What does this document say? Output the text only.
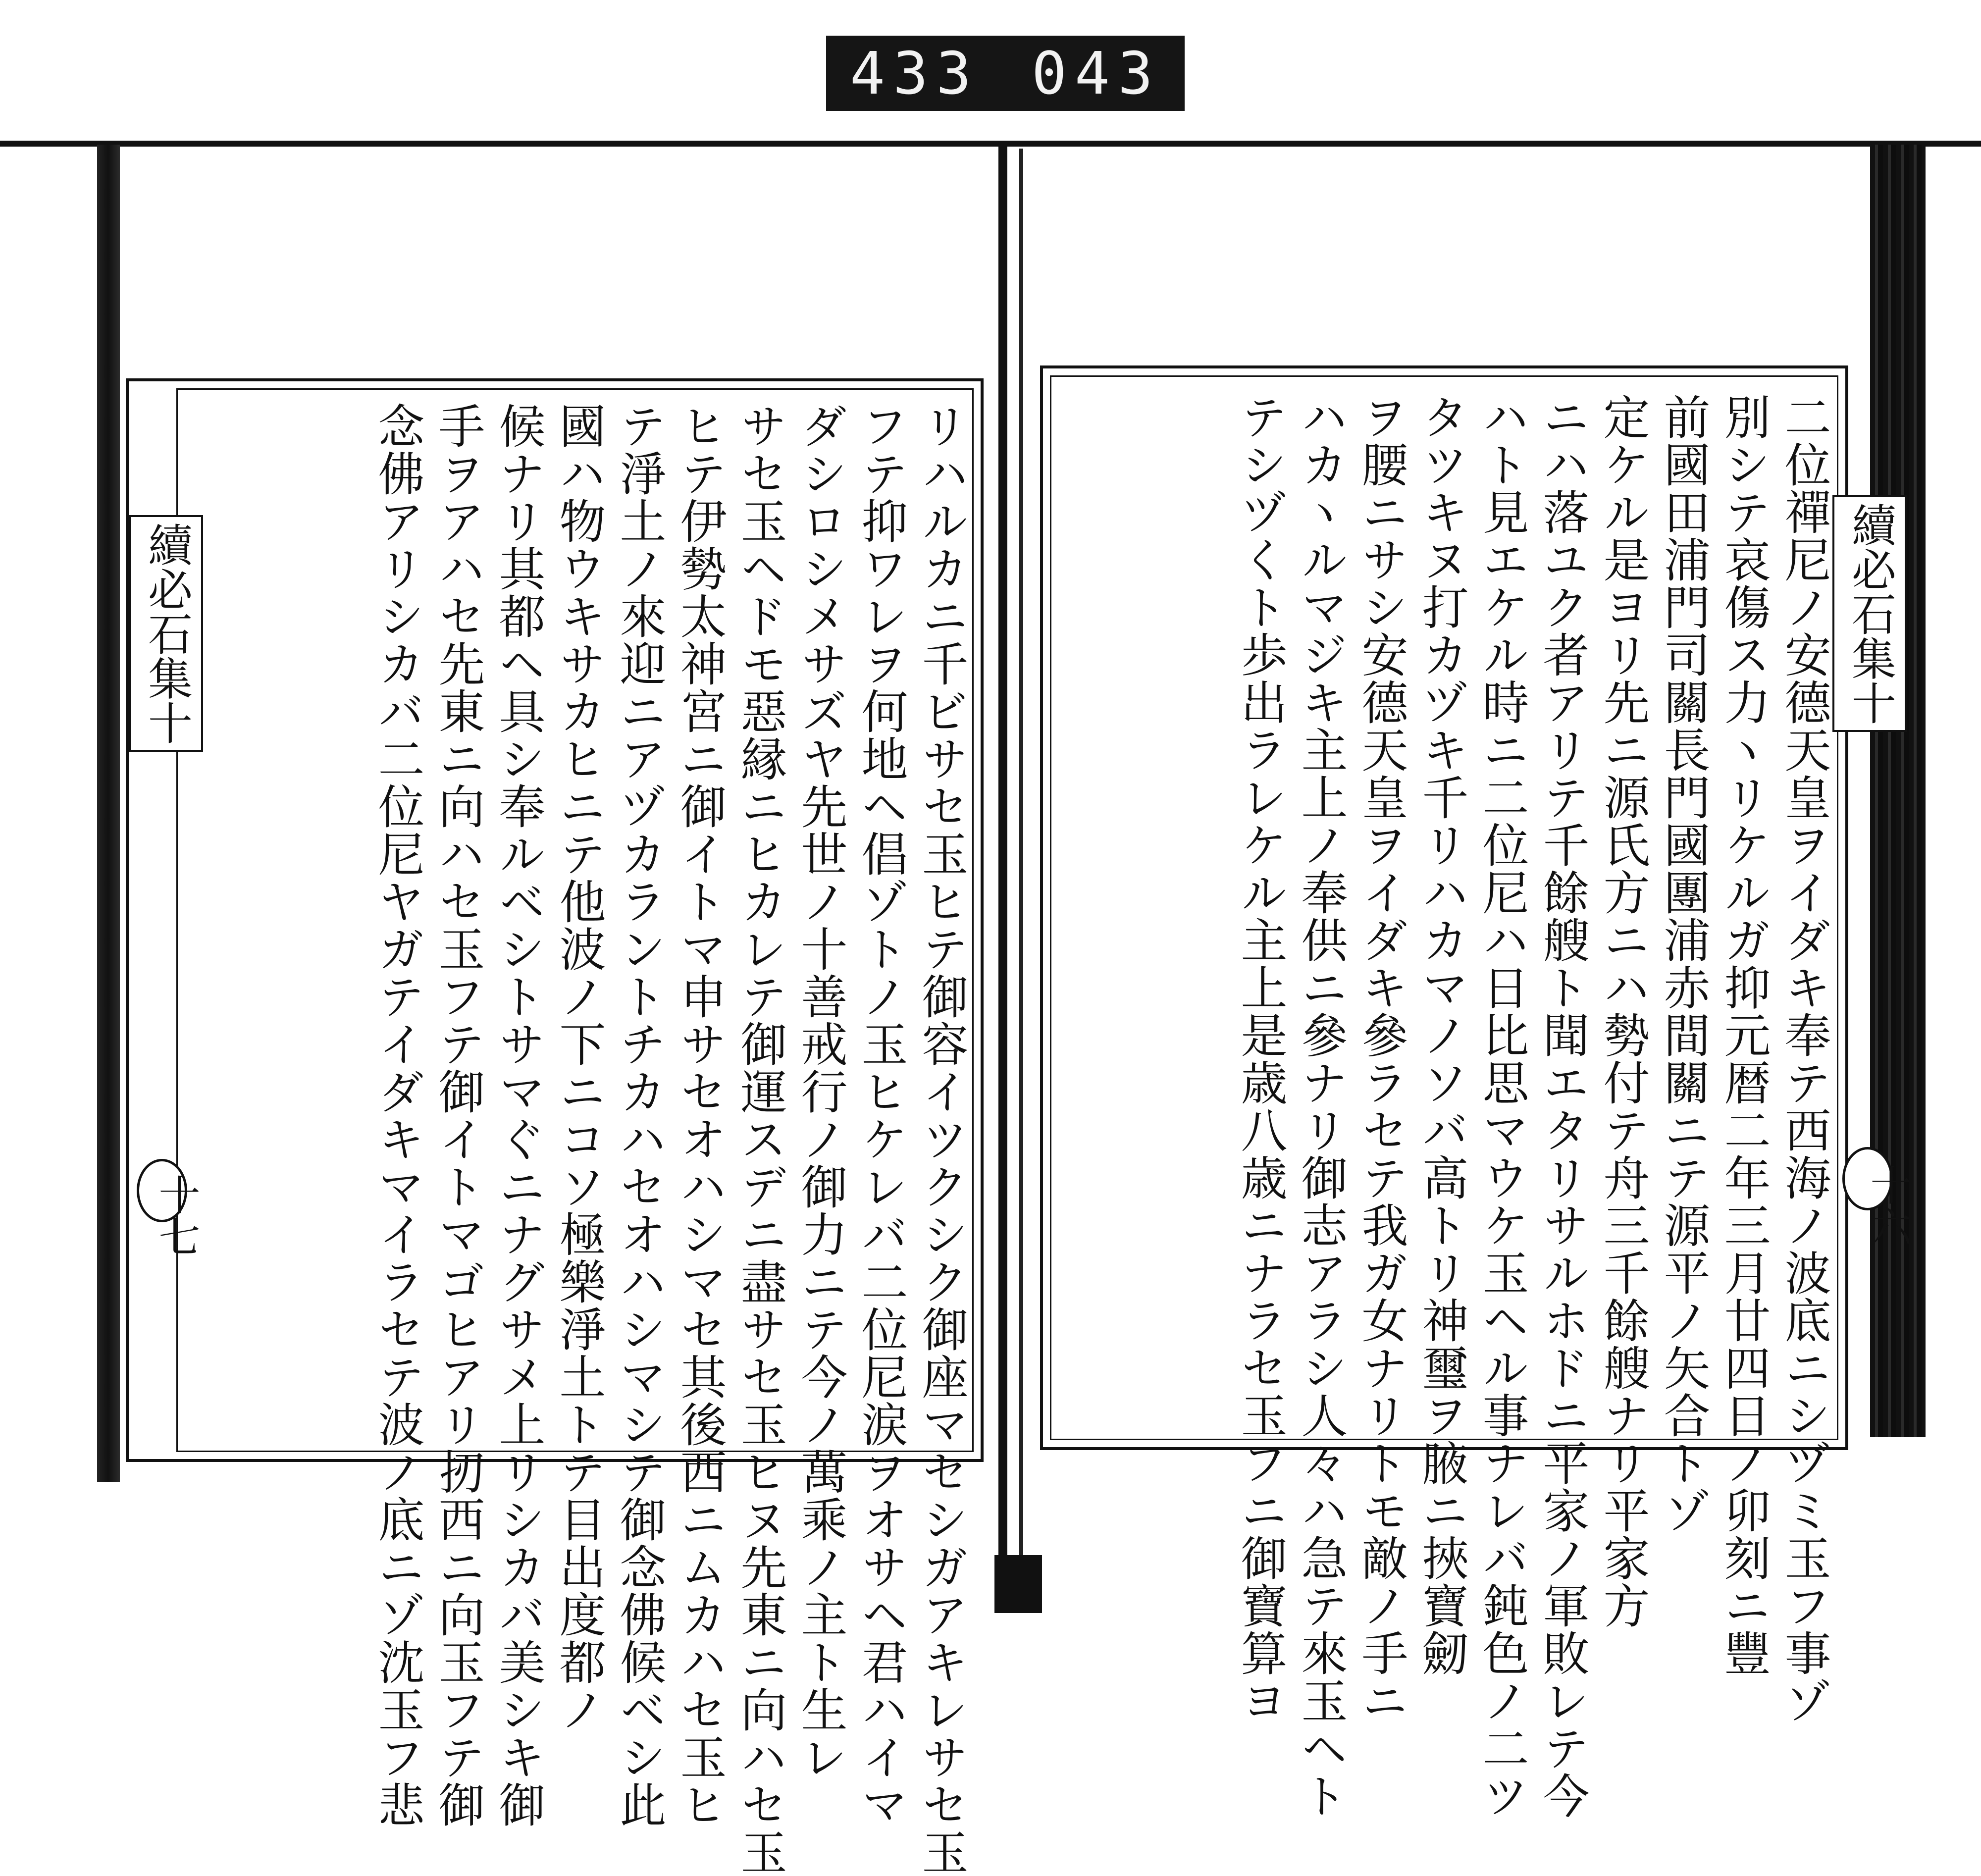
433 043
リハルカニ千ビサセ玉ヒテ御容イツクシク御座マセシガアキレサセ玉
フテ抑ワレヲ何地ヘ倡ゾトノ玉ヒケレバ二位尼涙ヲオサヘ君ハイマ
ダシロシメサズヤ先世ノ十善戒行ノ御力ニテ今ノ萬乘ノ主ト生レ
サセ玉ヘドモ惡縁ニヒカレテ御運スデニ盡サセ玉ヒヌ先東ニ向ハセ玉
ヒテ伊勢太神宮ニ御イトマ申サセオハシマセ其後西ニムカハセ玉ヒ
テ淨土ノ來迎ニアヅカラントチカハセオハシマシテ御念佛候ベシ此
國ハ物ウキサカヒニテ他波ノ下ニコソ極樂淨土トテ目出度都ノ
候ナリ其都ヘ具シ奉ルベシトサマぐニナグサメ上リシカバ美シキ御
手ヲアハセ先東ニ向ハセ玉フテ御イトマゴヒアリ扨西ニ向玉フテ御
念佛アリシカバ二位尼ヤガテイダキマイラセテ波ノ底ニゾ沈玉フ悲	二位禪尼ノ安德天皇ヲイダキ奉テ西海ノ波底ニシヅミ玉フ事ゾ
別シテ哀傷ス力ヽリケルガ抑元暦二年三月廿四日ノ卯刻ニ豐
前國田浦門司關長門國團浦赤間關ニテ源平ノ矢合トゾ
定ケル是ヨリ先ニ源氏方ニハ勢付テ舟三千餘艘ナリ平家方
ニハ落ユク者アリテ千餘艘ト聞エタリサルホドニ平家ノ軍敗レテ今
ハト見エケル時ニ二位尼ハ日比思マウケ玉ヘル事ナレバ鈍色ノ二ツ
タツキヌ打カヅキ千リハカマノソバ高トリ神璽ヲ腋ニ挾寶劒
ヲ腰ニサシ安德天皇ヲイダキ參ラセテ我ガ女ナリトモ敵ノ手ニ
ハカヽルマジキ主上ノ奉供ニ參ナリ御志アラシ人々ハ急テ來玉ヘト
テシヅくト歩出ラレケル主上是歳八歳ニナラセ玉フニ御寶算ヨ
續必石集十	續必石集十
十七	十六
